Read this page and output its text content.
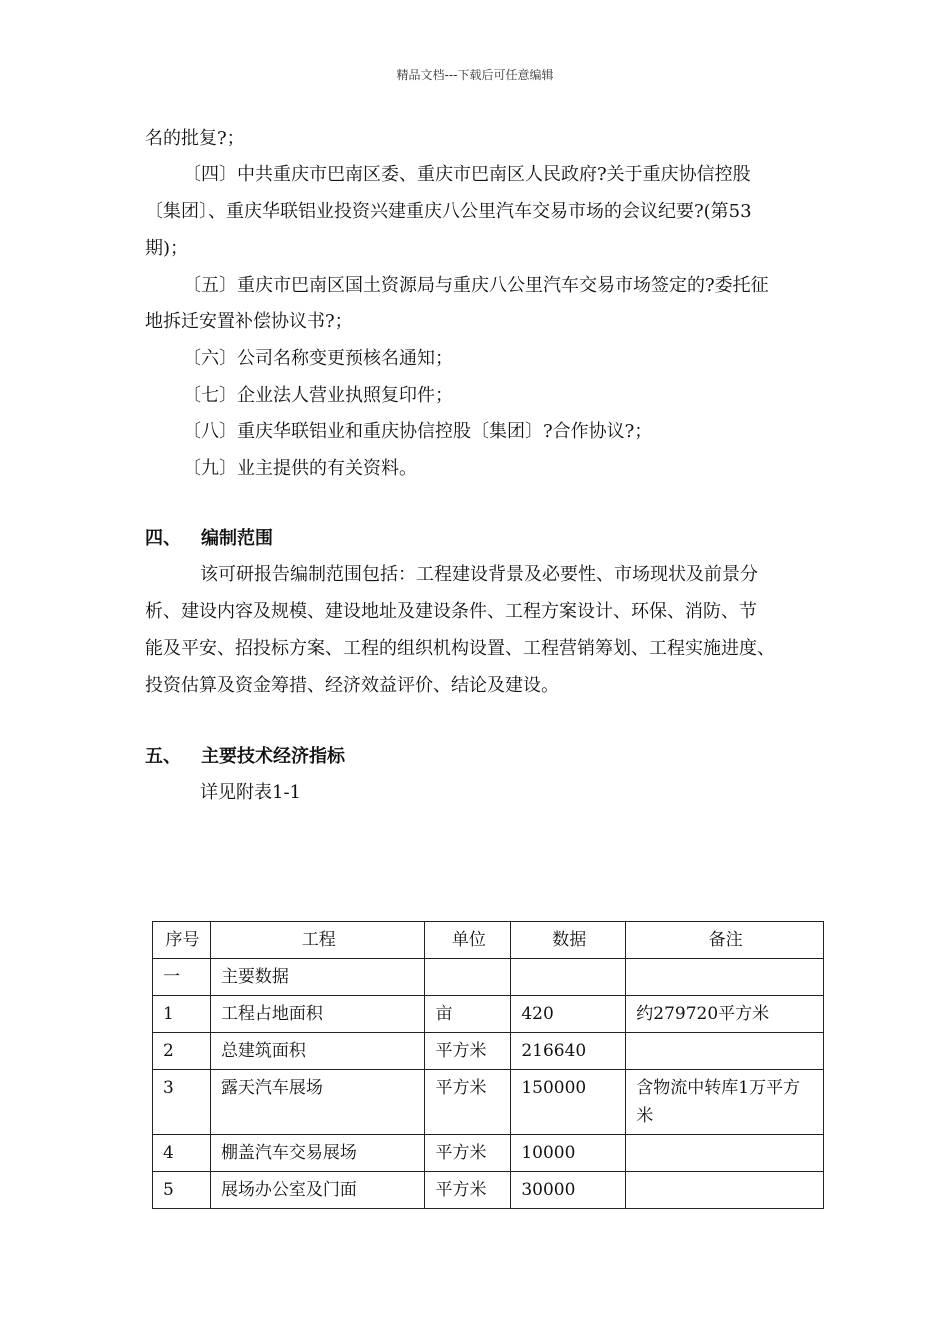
精品文档---下载后可任意编辑
名的批复?；
〔四〕中共重庆市巴南区委、重庆市巴南区人民政府?关于重庆协信控股
〔集团〕、重庆华联铝业投资兴建重庆八公里汽车交易市场的会议纪要?(第53
期)；
〔五〕重庆市巴南区国土资源局与重庆八公里汽车交易市场签定的?委托征
地拆迁安置补偿协议书?；
〔六〕公司名称变更预核名通知；
〔七〕企业法人营业执照复印件；
〔八〕重庆华联铝业和重庆协信控股〔集团〕?合作协议?；
〔九〕业主提供的有关资料。
四、 编制范围
该可研报告编制范围包括：工程建设背景及必要性、市场现状及前景分
析、建设内容及规模、建设地址及建设条件、工程方案设计、环保、消防、节
能及平安、招投标方案、工程的组织机构设置、工程营销筹划、工程实施进度、
投资估算及资金筹措、经济效益评价、结论及建设。
五、 主要技术经济指标
详见附表1-1
序号	工程	单位	数据	备注
一	主要数据			
1	工程占地面积	亩	420	约279720平方米
2	总建筑面积	平方米	216640	
3	露天汽车展场	平方米	150000	含物流中转库1万平方米
4	棚盖汽车交易展场	平方米	10000	
5	展场办公室及门面	平方米	30000	
